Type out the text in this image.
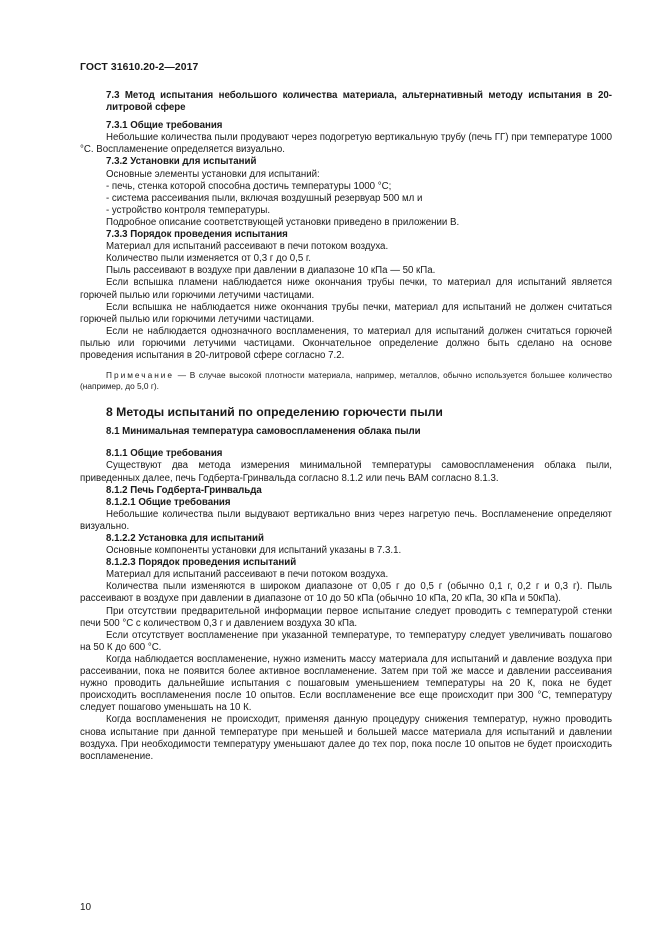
ГОСТ 31610.20-2—2017

7.3 Метод испытания небольшого количества материала, альтернативный методу испытания в 20-литровой сфере

7.3.1 Общие требования

Небольшие количества пыли продувают через подогретую вертикальную трубу (печь ГГ) при температуре 1000 °С. Воспламенение определяется визуально.

7.3.2 Установки для испытаний

Основные элементы установки для испытаний:

- печь, стенка которой способна достичь температуры 1000 °С;

- система рассеивания пыли, включая воздушный резервуар 500 мл и

- устройство контроля температуры.

Подробное описание соответствующей установки приведено в приложении В.

7.3.3 Порядок проведения испытания

Материал для испытаний рассеивают в печи потоком воздуха.

Количество пыли изменяется от 0,3 г до 0,5 г.

Пыль рассеивают в воздухе при давлении в диапазоне 10 кПа — 50 кПа.

Если вспышка пламени наблюдается ниже окончания трубы печки, то материал для испытаний является горючей пылью или горючими летучими частицами.

Если вспышка не наблюдается ниже окончания трубы печки, материал для испытаний не должен считаться горючей пылью или горючими летучими частицами.

Если не наблюдается однозначного воспламенения, то материал для испытаний должен считаться горючей пылью или горючими летучими частицами. Окончательное определение должно быть сделано на основе проведения испытания в 20-литровой сфере согласно 7.2.

Примечание — В случае высокой плотности материала, например, металлов, обычно используется большее количество (например, до 5,0 г).

8 Методы испытаний по определению горючести пыли

8.1 Минимальная температура самовоспламенения облака пыли

8.1.1 Общие требования

Существуют два метода измерения минимальной температуры самовоспламенения облака пыли, приведенных далее, печь Годберта-Гринвальда согласно 8.1.2 или печь ВАМ согласно 8.1.3.

8.1.2 Печь Годберта-Гринвальда

8.1.2.1 Общие требования

Небольшие количества пыли выдувают вертикально вниз через нагретую печь. Воспламенение определяют визуально.

8.1.2.2 Установка для испытаний

Основные компоненты установки для испытаний указаны в 7.3.1.

8.1.2.3 Порядок проведения испытаний

Материал для испытаний рассеивают в печи потоком воздуха.

Количества пыли изменяются в широком диапазоне от 0,05 г до 0,5 г (обычно 0,1 г, 0,2 г и 0,3 г). Пыль рассеивают в воздухе при давлении в диапазоне от 10 до 50 кПа (обычно 10 кПа, 20 кПа, 30 кПа и 50кПа).

При отсутствии предварительной информации первое испытание следует проводить с температурой стенки печи 500 °С с количеством 0,3 г и давлением воздуха 30 кПа.

Если отсутствует воспламенение при указанной температуре, то температуру следует увеличивать пошагово на 50 К до 600 °С.

Когда наблюдается воспламенение, нужно изменить массу материала для испытаний и давление воздуха при рассеивании, пока не появится более активное воспламенение. Затем при той же массе и давлении рассеивания нужно проводить дальнейшие испытания с пошаговым уменьшением температуры на 20 К, пока не будет происходить воспламенения после 10 опытов. Если воспламенение все еще происходит при 300 °С, температуру следует пошагово уменьшать на 10 К.

Когда воспламенения не происходит, применяя данную процедуру снижения температур, нужно проводить снова испытание при данной температуре при меньшей и большей массе материала для испытаний и давлении воздуха. При необходимости температуру уменьшают далее до тех пор, пока после 10 опытов не будет происходить воспламенение.

10
